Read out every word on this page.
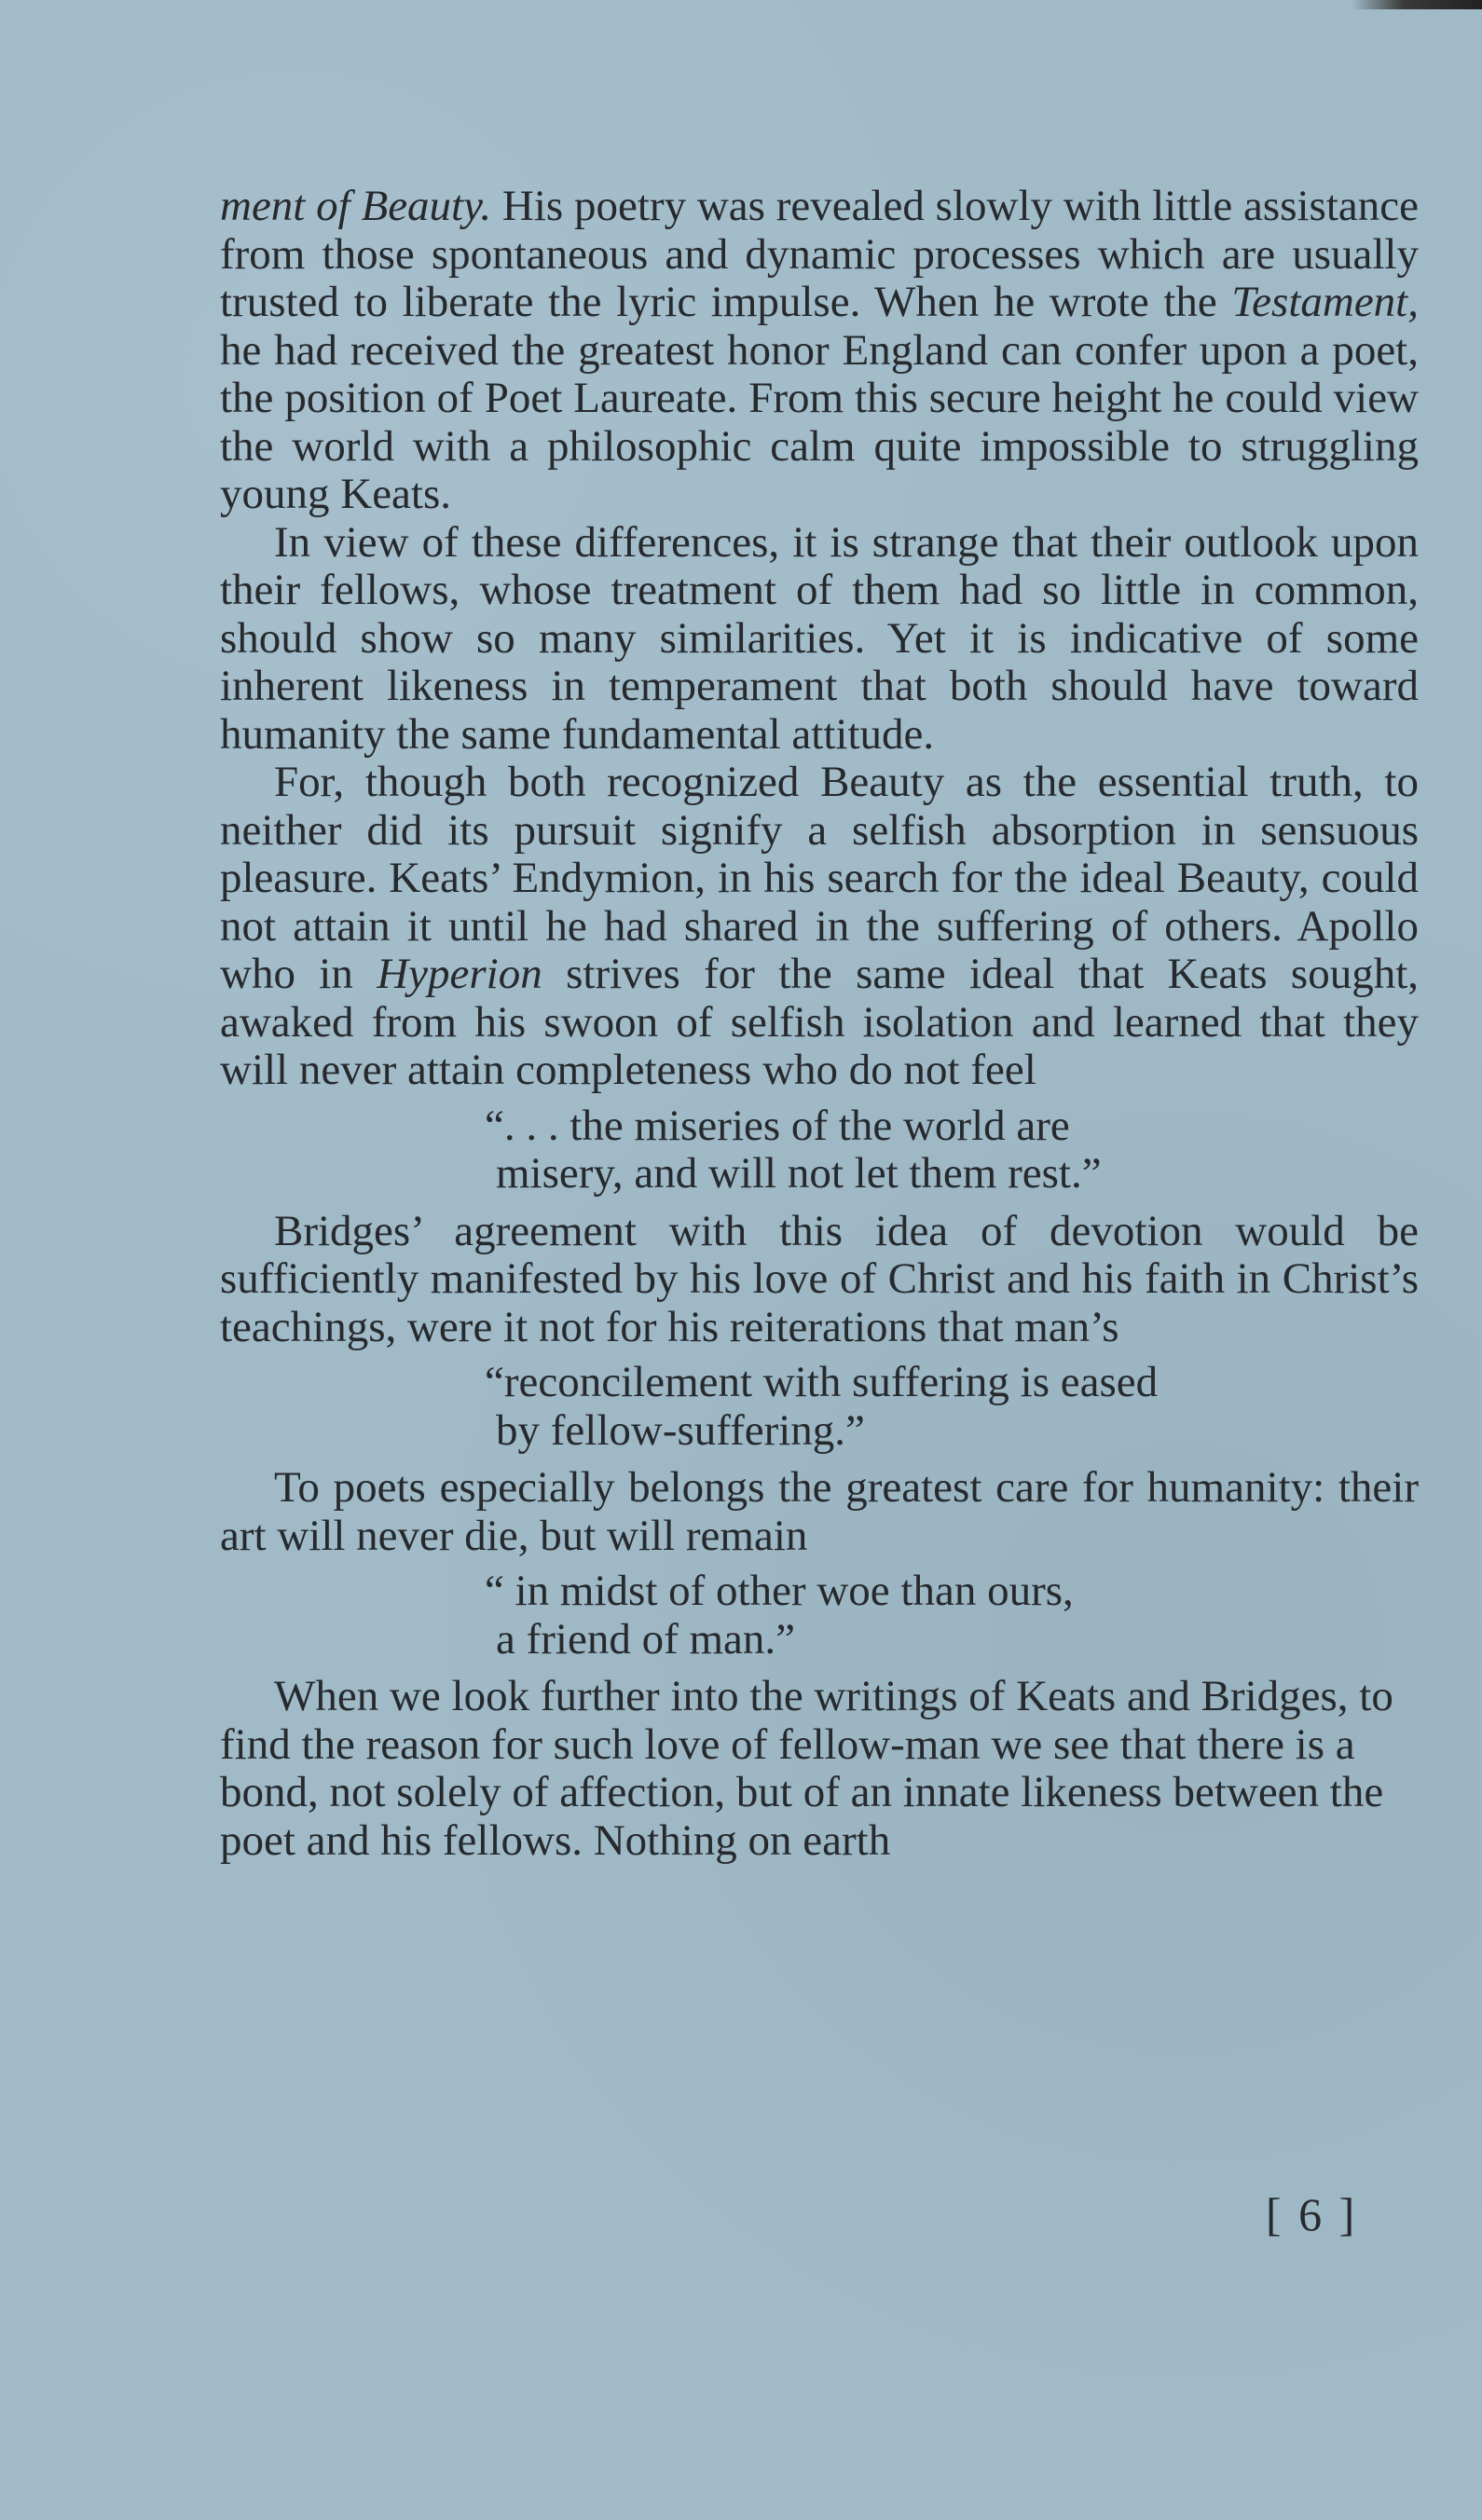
ment of Beauty. His poetry was revealed slowly with little assistance from those spontaneous and dynamic processes which are usually trusted to liberate the lyric impulse. When he wrote the Testament, he had received the greatest honor England can confer upon a poet, the position of Poet Laureate. From this secure height he could view the world with a philosophic calm quite impossible to struggling young Keats.

In view of these differences, it is strange that their outlook upon their fellows, whose treatment of them had so little in common, should show so many similarities. Yet it is indicative of some inherent likeness in temperament that both should have toward humanity the same fundamental attitude.

For, though both recognized Beauty as the essential truth, to neither did its pursuit signify a selfish absorption in sensuous pleasure. Keats’ Endymion, in his search for the ideal Beauty, could not attain it until he had shared in the suffering of others. Apollo who in Hyperion strives for the same ideal that Keats sought, awaked from his swoon of selfish isolation and learned that they will never attain completeness who do not feel

“. . . the miseries of the world are
misery, and will not let them rest.”

Bridges’ agreement with this idea of devotion would be sufficiently manifested by his love of Christ and his faith in Christ’s teachings, were it not for his reiterations that man’s

“reconcilement with suffering is eased
by fellow-suffering.”

To poets especially belongs the greatest care for humanity: their art will never die, but will remain

“ in midst of other woe than ours,
a friend of man.”

When we look further into the writings of Keats and Bridges, to find the reason for such love of fellow-man we see that there is a bond, not solely of affection, but of an innate likeness between the poet and his fellows. Nothing on earth

[ 6 ]
